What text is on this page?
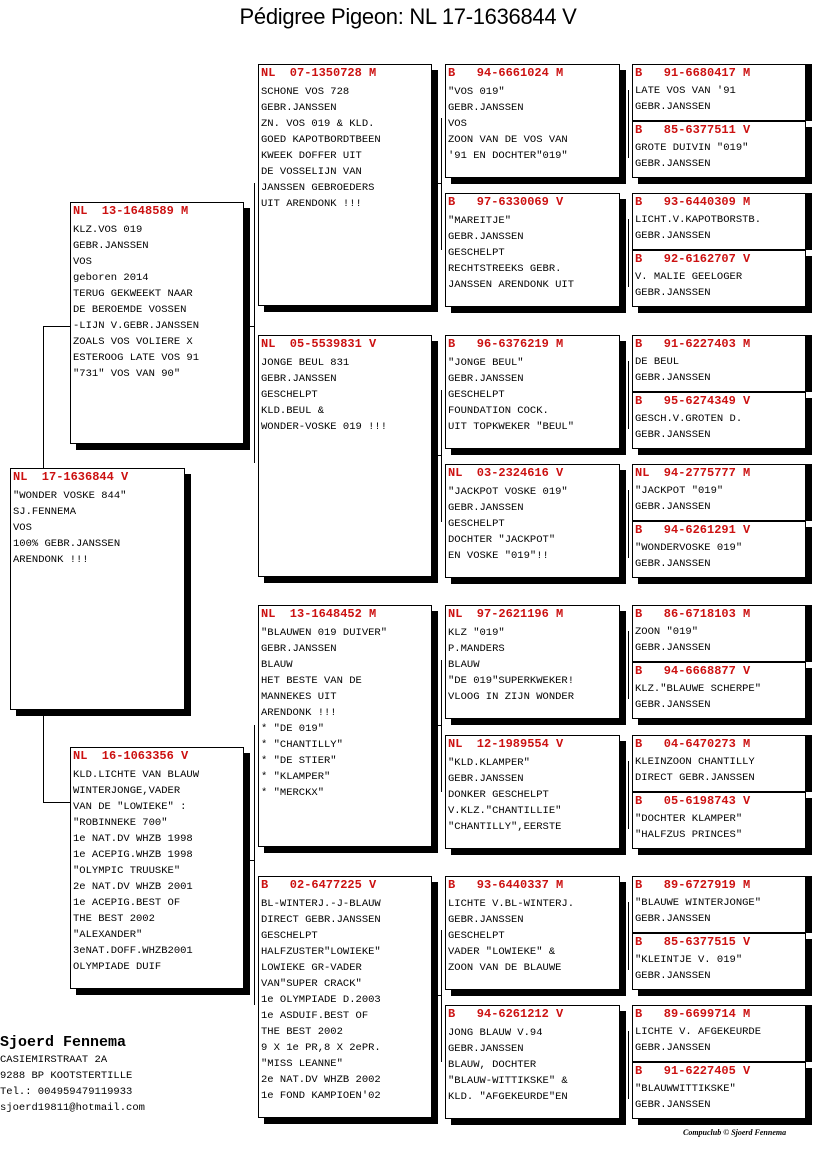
Pédigree Pigeon: NL 17-1636844 V
NL  17-1636844 V
"WONDER VOSKE 844"
SJ.FENNEMA
VOS
100% GEBR.JANSSEN
ARENDONK !!!
NL  13-1648589 M
KLZ.VOS 019
GEBR.JANSSEN
VOS
geboren 2014
TERUG GEKWEEKT NAAR
DE BEROEMDE VOSSEN
-LIJN V.GEBR.JANSSEN
ZOALS VOS VOLIERE X
ESTEROOG LATE VOS 91
"731" VOS VAN 90"
NL  16-1063356 V
KLD.LICHTE VAN BLAUW
WINTERJONGE,VADER
VAN DE "LOWIEKE" :
"ROBINNEKE 700"
1e NAT.DV WHZB 1998
1e ACEPIG.WHZB 1998
"OLYMPIC TRUUSKE"
2e NAT.DV WHZB 2001
1e ACEPIG.BEST OF
THE BEST 2002
"ALEXANDER"
3eNAT.DOFF.WHZB2001
OLYMPIADE DUIF
NL  07-1350728 M
SCHONE VOS 728
GEBR.JANSSEN
ZN. VOS 019 & KLD.
GOED KAPOTBORDTBEEN
KWEEK DOFFER UIT
DE VOSSELIJN VAN
JANSSEN GEBROEDERS
UIT ARENDONK !!!
NL  05-5539831 V
JONGE BEUL 831
GEBR.JANSSEN
GESCHELPT
KLD.BEUL &
WONDER-VOSKE 019 !!!
NL  13-1648452 M
"BLAUWEN 019 DUIVER"
GEBR.JANSSEN
BLAUW
HET BESTE VAN DE
MANNEKES UIT
ARENDONK !!!
* "DE 019"
* "CHANTILLY"
* "DE STIER"
* "KLAMPER"
* "MERCKX"
B   02-6477225 V
BL-WINTERJ.-J-BLAUW
DIRECT GEBR.JANSSEN
GESCHELPT
HALFZUSTER"LOWIEKE"
LOWIEKE GR-VADER
VAN"SUPER CRACK"
1e OLYMPIADE D.2003
1e ASDUIF.BEST OF
THE BEST 2002
9 X 1e PR,8 X 2ePR.
"MISS LEANNE"
2e NAT.DV WHZB 2002
1e FOND KAMPIOEN'02
B   94-6661024 M
"VOS 019"
GEBR.JANSSEN
VOS
ZOON VAN DE VOS VAN
'91 EN DOCHTER"019"
B   97-6330069 V
"MAREITJE"
GEBR.JANSSEN
GESCHELPT
RECHTSTREEKS GEBR.
JANSSEN ARENDONK UIT
B   96-6376219 M
"JONGE BEUL"
GEBR.JANSSEN
GESCHELPT
FOUNDATION COCK.
UIT TOPKWEKER "BEUL"
NL  03-2324616 V
"JACKPOT VOSKE 019"
GEBR.JANSSEN
GESCHELPT
DOCHTER "JACKPOT"
EN VOSKE "019"!!
NL  97-2621196 M
KLZ "019"
P.MANDERS
BLAUW
"DE 019"SUPERKWEKER!
VLOOG IN ZIJN WONDER
NL  12-1989554 V
"KLD.KLAMPER"
GEBR.JANSSEN
DONKER GESCHELPT
V.KLZ."CHANTILLIE"
"CHANTILLY",EERSTE
B   93-6440337 M
LICHTE V.BL-WINTERJ.
GEBR.JANSSEN
GESCHELPT
VADER "LOWIEKE" &
ZOON VAN DE BLAUWE
B   94-6261212 V
JONG BLAUW V.94
GEBR.JANSSEN
BLAUW, DOCHTER
"BLAUW-WITTIKSKE" &
KLD. "AFGEKEURDE"EN
B   91-6680417 M
LATE VOS VAN '91
GEBR.JANSSEN
B   85-6377511 V
GROTE DUIVIN "019"
GEBR.JANSSEN
B   93-6440309 M
LICHT.V.KAPOTBORSTB.
GEBR.JANSSEN
B   92-6162707 V
V. MALIE GEELOGER
GEBR.JANSSEN
B   91-6227403 M
DE BEUL
GEBR.JANSSEN
B   95-6274349 V
GESCH.V.GROTEN D.
GEBR.JANSSEN
NL  94-2775777 M
"JACKPOT "019"
GEBR.JANSSEN
B   94-6261291 V
"WONDERVOSKE 019"
GEBR.JANSSEN
B   86-6718103 M
ZOON "019"
GEBR.JANSSEN
B   94-6668877 V
KLZ."BLAUWE SCHERPE"
GEBR.JANSSEN
B   04-6470273 M
KLEINZOON CHANTILLY
DIRECT GEBR.JANSSEN
B   05-6198743 V
"DOCHTER KLAMPER"
"HALFZUS PRINCES"
B   89-6727919 M
"BLAUWE WINTERJONGE"
GEBR.JANSSEN
B   85-6377515 V
"KLEINTJE V. 019"
GEBR.JANSSEN
B   89-6699714 M
LICHTE V. AFGEKEURDE
GEBR.JANSSEN
B   91-6227405 V
"BLAUWWITTIKSKE"
GEBR.JANSSEN
Sjoerd Fennema
CASIEMIRSTRAAT 2A
9288 BP KOOTSTERTILLE
Tel.: 004959479119933
sjoerd19811@hotmail.com
Compuclub © Sjoerd Fennema
